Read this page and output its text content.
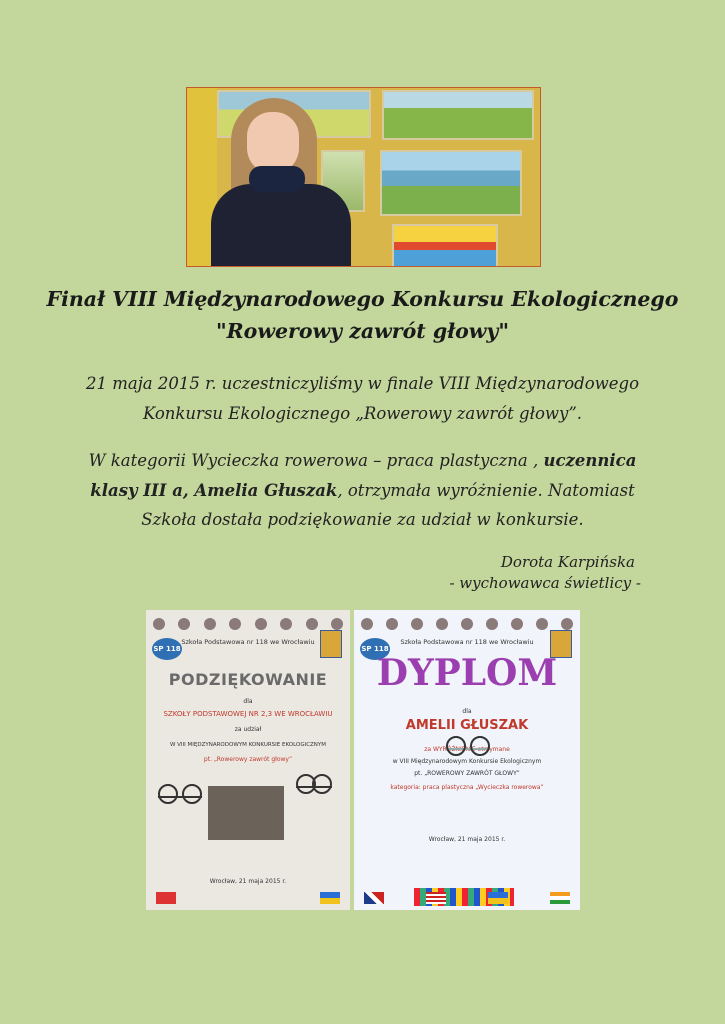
Finał VIII Międzynarodowego Konkursu Ekologicznego

"Rowerowy zawrót głowy"

21 maja 2015 r. uczestniczyliśmy w finale VIII Międzynarodowego

Konkursu Ekologicznego „Rowerowy zawrót głowy”.

W kategorii Wycieczka rowerowa – praca plastyczna , uczennica

klasy III a, Amelia Głuszak, otrzymała wyróżnienie. Natomiast

Szkoła dostała podziękowanie za udział w konkursie.

Dorota Karpińska
- wychowawca świetlicy -
SP 118
Szkoła Podstawowa nr 118 we Wrocławiu
PODZIĘKOWANIE
dla
SZKOŁY PODSTAWOWEJ NR 2,3 WE WROCŁAWIU
za udział
W VIII MIĘDZYNARODOWYM KONKURSIE EKOLOGICZNYM
pt. „Rowerowy zawrót głowy”
Wrocław, 21 maja 2015 r.
SP 118
Szkoła Podstawowa nr 118 we Wrocławiu
DYPLOM
dla
AMELII GŁUSZAK
za WYRÓŻNIENIE otrzymane
w VIII Międzynarodowym Konkursie Ekologicznym
pt. „ROWEROWY ZAWRÓT GŁOWY”
kategoria: praca plastyczna „Wycieczka rowerowa”
Wrocław, 21 maja 2015 r.
